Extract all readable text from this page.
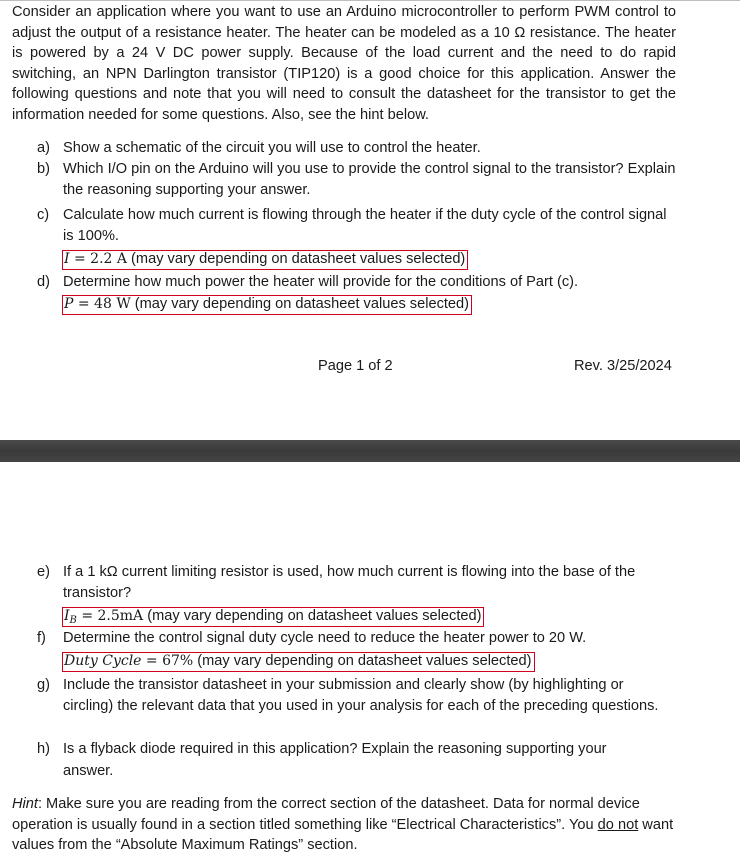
Consider an application where you want to use an Arduino microcontroller to perform PWM control to adjust the output of a resistance heater. The heater can be modeled as a 10 Ω resistance. The heater is powered by a 24 V DC power supply. Because of the load current and the need to do rapid switching, an NPN Darlington transistor (TIP120) is a good choice for this application. Answer the following questions and note that you will need to consult the datasheet for the transistor to get the information needed for some questions. Also, see the hint below.

a) Show a schematic of the circuit you will use to control the heater.
b) Which I/O pin on the Arduino will you use to provide the control signal to the transistor? Explain the reasoning supporting your answer.
c) Calculate how much current is flowing through the heater if the duty cycle of the control signal is 100%.
I = 2.2 A (may vary depending on datasheet values selected)
d) Determine how much power the heater will provide for the conditions of Part (c).
P = 48 W (may vary depending on datasheet values selected)
Page 1 of 2	Rev. 3/25/2024
e) If a 1 kΩ current limiting resistor is used, how much current is flowing into the base of the transistor?
$I_B = 2.5mA$ (may vary depending on datasheet values selected)
f) Determine the control signal duty cycle need to reduce the heater power to 20 W.
Duty Cycle = 67% (may vary depending on datasheet values selected)
g) Include the transistor datasheet in your submission and clearly show (by highlighting or circling) the relevant data that you used in your analysis for each of the preceding questions.
h) Is a flyback diode required in this application? Explain the reasoning supporting your answer.

Hint: Make sure you are reading from the correct section of the datasheet. Data for normal device operation is usually found in a section titled something like “Electrical Characteristics”. You do not want values from the “Absolute Maximum Ratings” section.
